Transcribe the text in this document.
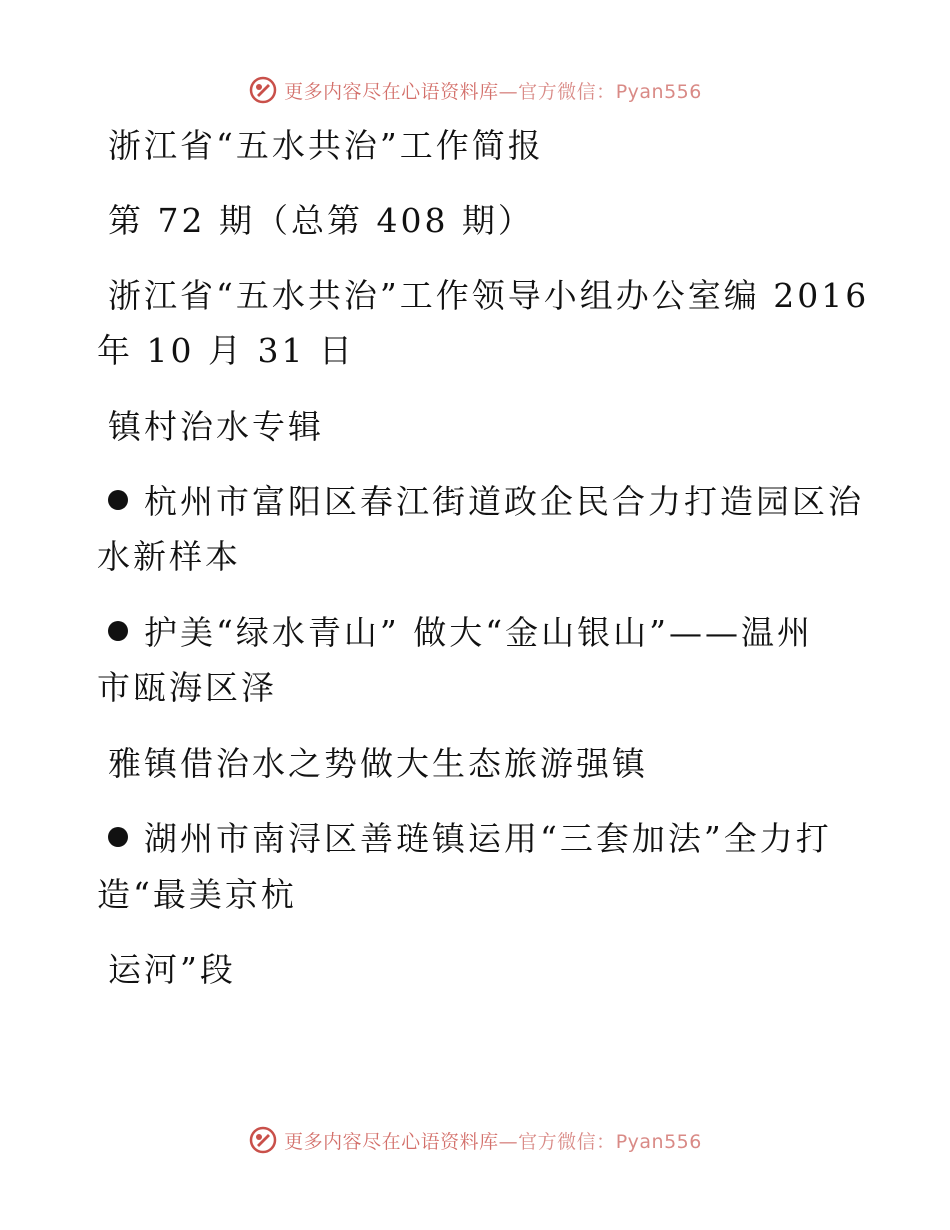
更多内容尽在心语资料库—官方微信：Pyan556
浙江省“五水共治”工作简报
第 72 期（总第 408 期）
浙江省“五水共治”工作领导小组办公室编 2016
年 10 月 31 日
镇村治水专辑
杭州市富阳区春江街道政企民合力打造园区治
水新样本
护美“绿水青山” 做大“金山银山”——温州
市瓯海区泽
雅镇借治水之势做大生态旅游强镇
湖州市南浔区善琏镇运用“三套加法”全力打
造“最美京杭
运河”段
更多内容尽在心语资料库—官方微信：Pyan556
